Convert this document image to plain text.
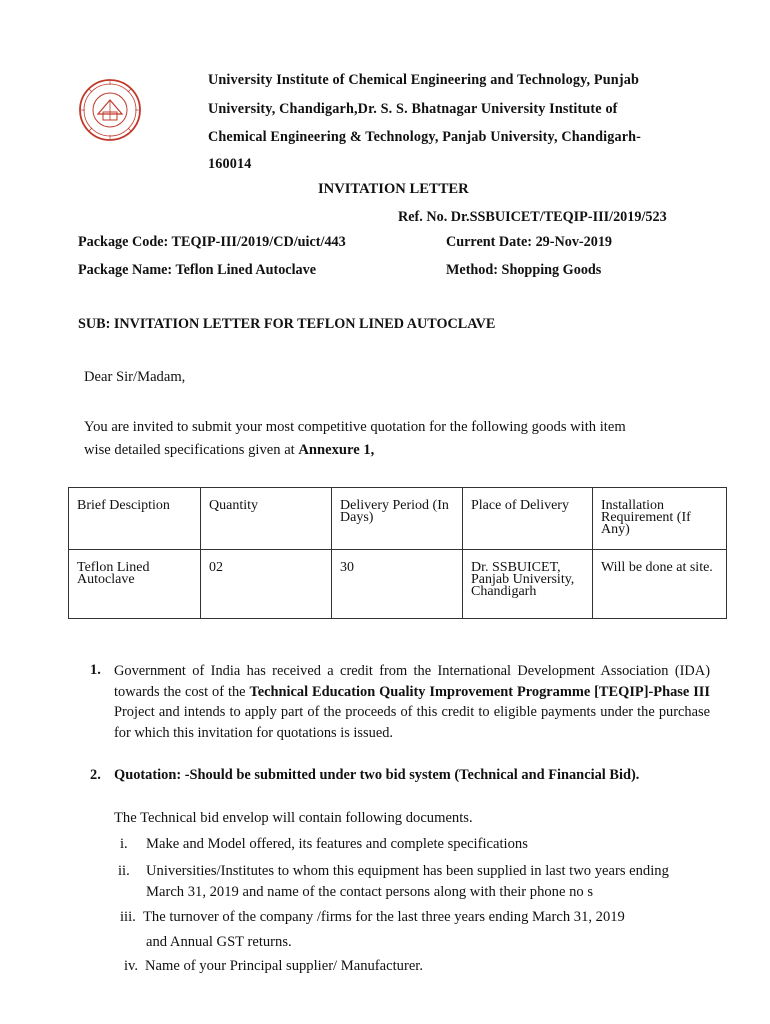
University Institute of Chemical Engineering and Technology, Punjab
University, Chandigarh,Dr. S. S. Bhatnagar University Institute of
Chemical Engineering & Technology, Panjab University, Chandigarh-
160014
INVITATION LETTER
Ref. No. Dr.SSBUICET/TEQIP-III/2019/523
Package Code: TEQIP-III/2019/CD/uict/443	Current Date: 29-Nov-2019
Package Name: Teflon Lined Autoclave	Method: Shopping Goods
SUB: INVITATION LETTER FOR TEFLON LINED AUTOCLAVE
Dear Sir/Madam,
You are invited to submit your most competitive quotation for the following goods with item
wise detailed specifications given at Annexure 1,
Brief Desciption	Quantity	Delivery Period (In Days)	Place of Delivery	Installation Requirement (If Any)
Teflon Lined Autoclave	02	30	Dr. SSBUICET, Panjab University, Chandigarh	Will be done at site.
1. Government of India has received a credit from the International Development Association (IDA) towards the cost of the Technical Education Quality Improvement Programme [TEQIP]-Phase III Project and intends to apply part of the proceeds of this credit to eligible payments under the purchase for which this invitation for quotations is issued.
2. Quotation: -Should be submitted under two bid system (Technical and Financial Bid).
The Technical bid envelop will contain following documents.
i. Make and Model offered, its features and complete specifications
ii. Universities/Institutes to whom this equipment has been supplied in last two years ending
March 31, 2019 and name of the contact persons along with their phone no s
iii. The turnover of the company /firms for the last three years ending March 31, 2019
and Annual GST returns.
iv. Name of your Principal supplier/ Manufacturer.
